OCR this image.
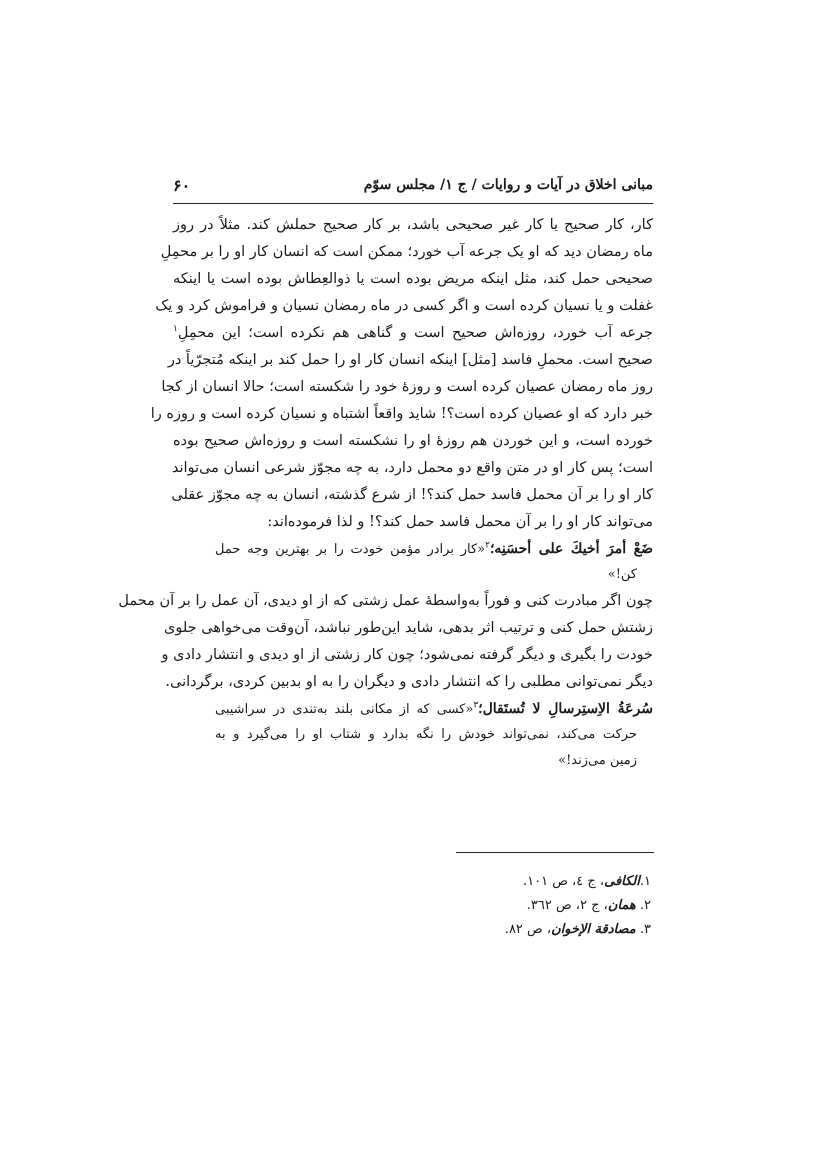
مبانی اخلاق در آیات و روایات / ج ۱/ مجلس سوّم
۶۰
کار، کار صحیح یا کار غیر صحیحی باشد، بر کار صحیح حملش کند. مثلاً در روز
ماه رمضان دید که او یک جرعه آب خورد؛ ممکن است که انسان کار او را بر محمِلِ
صحیحی حمل کند، مثل اینکه مریض بوده است یا ذوالعِطاش بوده است یا اینکه
غفلت و یا نسیان کرده است و اگر کسی در ماه رمضان نسیان و فراموش کرد و یک
جرعه آب خورد، روزه‌اش صحیح است و گناهی هم نکرده است؛ این محمِلِ$^۱$
صحیح است. محملِ فاسد [مثل] اینکه انسان کار او را حمل کند بر اینکه مُتجرّیاً در
روز ماه رمضان عصیان کرده است و روزهٔ خود را شکسته است؛ حالا انسان از کجا
خبر دارد که او عصیان کرده است؟! شاید واقعاً اشتباه و نسیان کرده است و روزه را
خورده است، و این خوردن هم روزهٔ او را نشکسته است و روزه‌اش صحیح بوده
است؛ پس کار او در متن واقع دو محمل دارد، به چه مجوّز شرعی انسان می‌تواند
کار او را بر آن محمل فاسد حمل کند؟! از شرع گذشته، انسان به چه مجوّز عقلی
می‌تواند کار او را بر آن محمل فاسد حمل کند؟! و لذا فرموده‌اند:
ضَعْ أمرَ أخيكَ على أحسَنِه؛$^۲$«کار برادر مؤمن خودت را بر بهترین وجه حمل
کن!»
چون اگر مبادرت کنی و فوراً به‌واسطهٔ عمل زشتی که از او دیدی، آن عمل را بر آن محمل
زشتش حمل کنی و ترتیب اثر بدهی، شاید این‌طور نباشد، آن‌وقت می‌خواهی جلوی
خودت را بگیری و دیگر گرفته نمی‌شود؛ چون کار زشتی از او دیدی و انتشار دادی و
دیگر نمی‌توانی مطلبی را که انتشار دادی و دیگران را به او بدبین کردی، برگردانی.
سُرعَةُ الاِستِرسالِ لا تُستَقال؛$^۳$«کسی که از مکانی بلند به‌تندی در سراشیبی
حرکت می‌کند، نمی‌تواند خودش را نگه بدارد و شتاب او را می‌گیرد و به
زمین می‌زند!»
۱.الکافی، ج ٤، ص ١٠١.
۲. همان، ج ۲، ص ٣٦٢.
۳. مصادقة الإخوان، ص ٨٢.
